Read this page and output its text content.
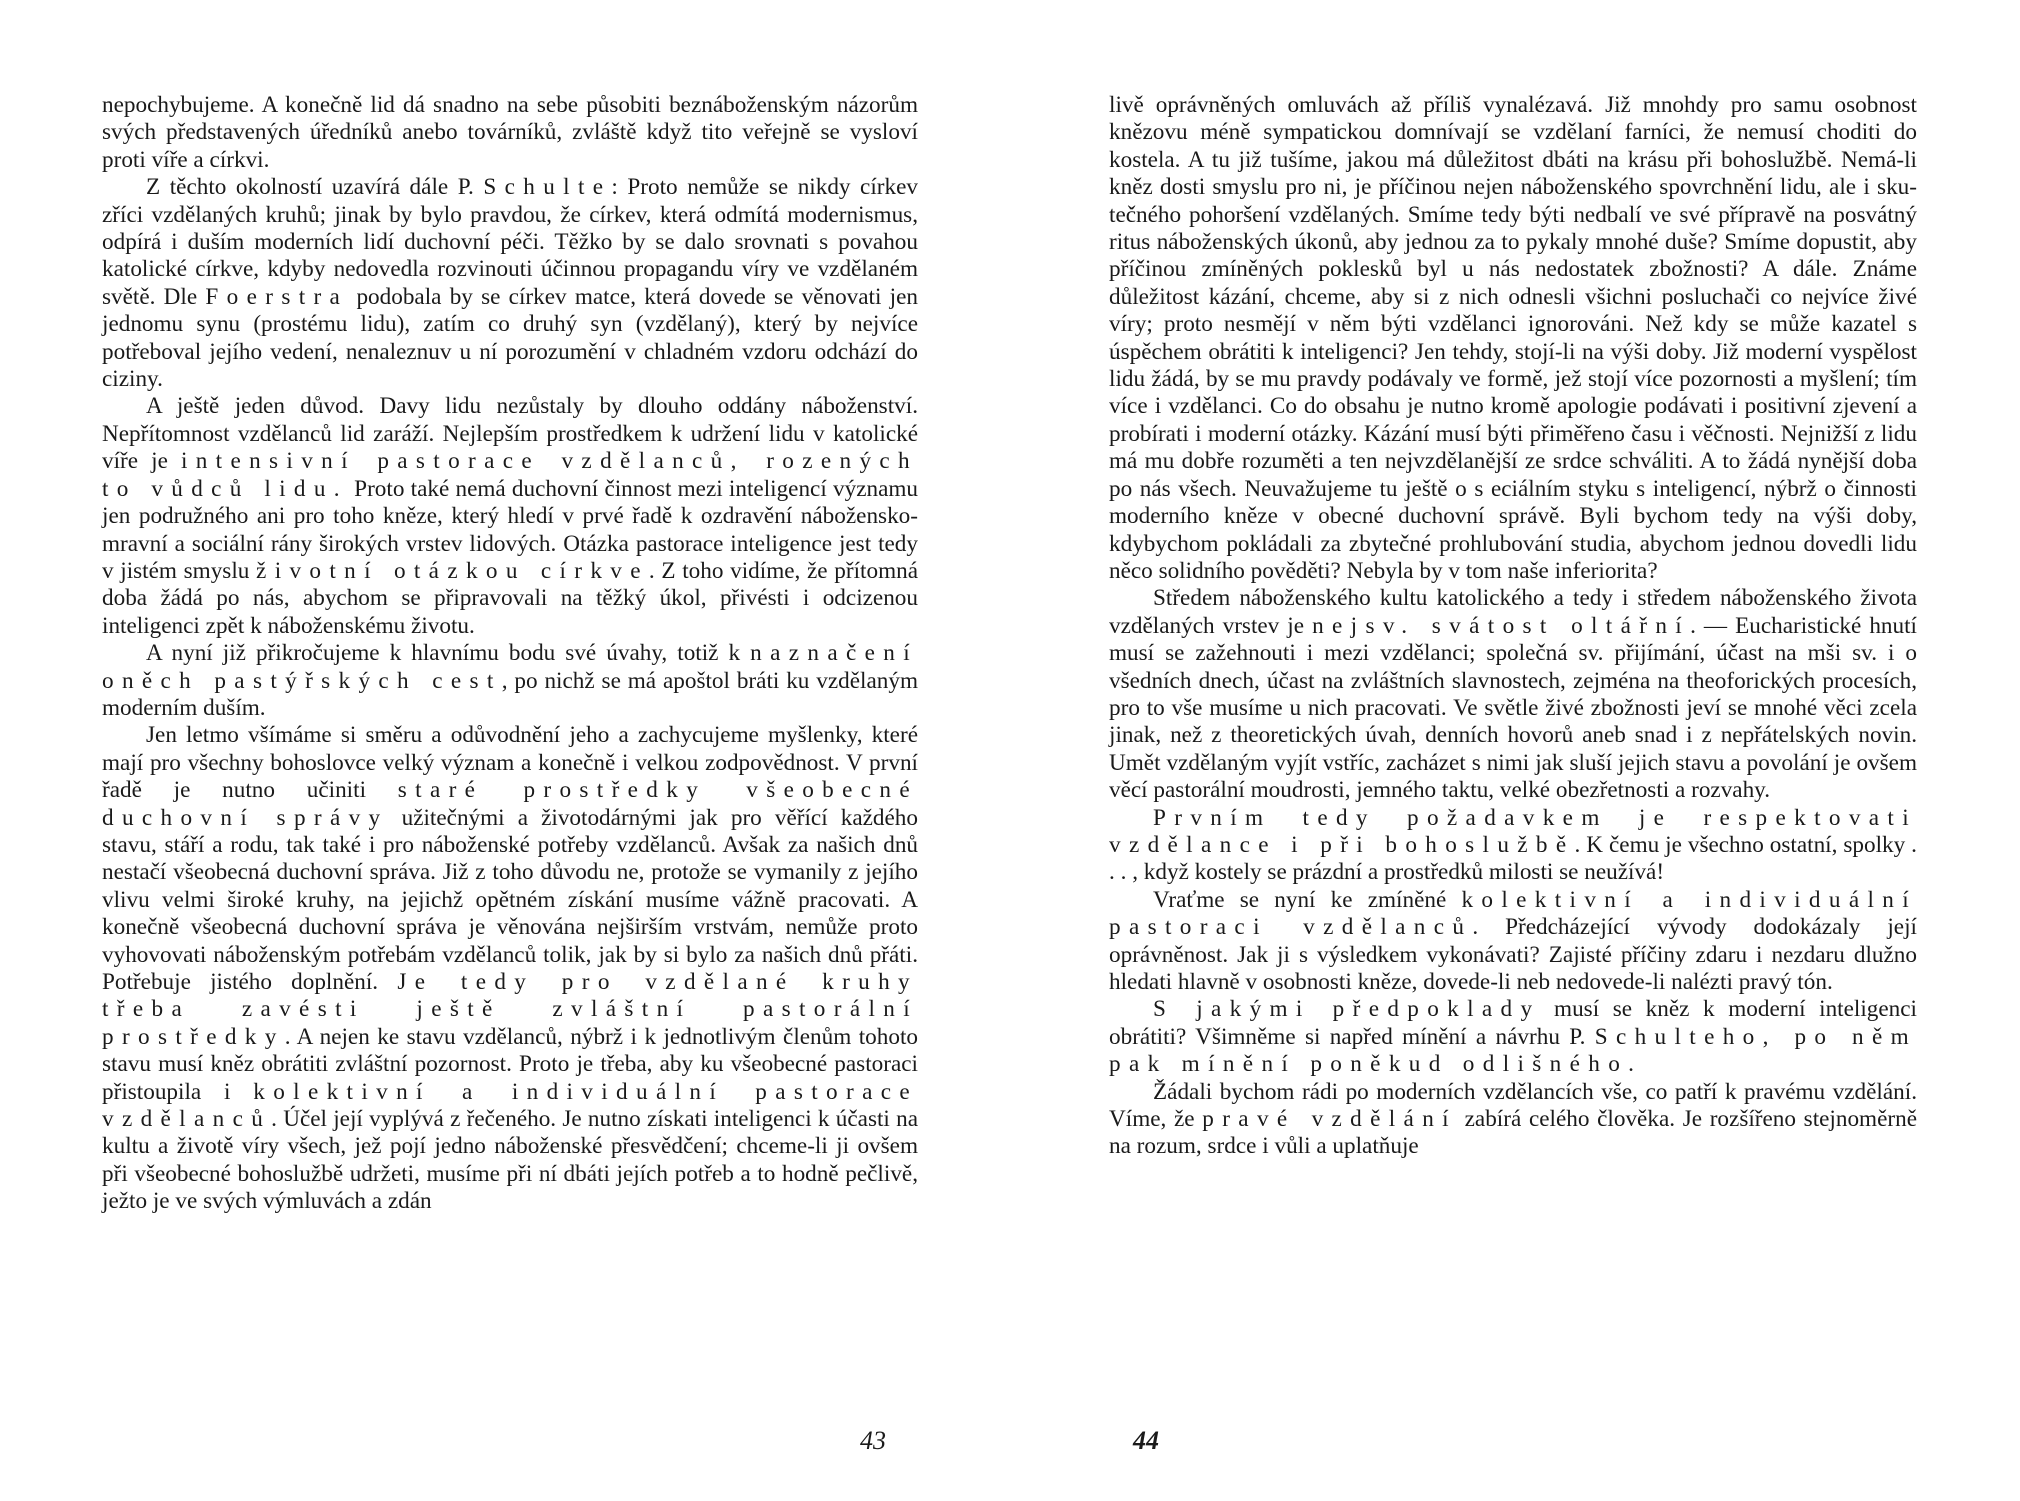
nepochybujeme. A konečně lid dá snadno na sebe působiti beznáboženským názorům svých představených úředníků anebo továrníků, zvláště když tito veřejně se vysloví proti víře a církvi.

Z těchto okolností uzavírá dále P. Schulte: Proto nemůže se nikdy církev zříci vzdělaných kruhů; jinak by bylo pravdou, že církev, která odmítá modernismus, odpírá i duším moderních lidí duchovní péči. Těžko by se dalo srovnati s povahou katolické církve, kdyby nedovedla rozvinouti účinnou propagandu víry ve vzdělaném světě. Dle Foerstra podobala by se církev matce, která dovede se věnovati jen jednomu synu (prostému lidu), zatím co druhý syn (vzdělaný), který by nejvíce potřeboval jejího vedení, nenaleznuv u ní porozumění v chladném vzdoru odchází do ciziny.

A ještě jeden důvod. Davy lidu nezůstaly by dlouho oddány náboženství. Nepřítomnost vzdělanců lid zaráží. Nejlepším prostředkem k udržení lidu v katolické víře je intensivní pastorace vzdělanců, rozených to vůdců lidu. Proto také nemá duchovní činnost mezi inteligencí významu jen podružného ani pro toho kněze, který hledí v prvé řadě k ozdravění náboženskomravní a sociální rány širokých vrstev lidových. Otázka pastorace inteligence jest tedy v jistém smyslu životní otázkou církve. Z toho vidíme, že přítomná doba žádá po nás, abychom se připravovali na těžký úkol, přivésti i odcizenou inteligenci zpět k náboženskému životu.

A nyní již přikročujeme k hlavnímu bodu své úvahy, totiž k naznačení oněch pastýřských cest, po nichž se má apoštol bráti ku vzdělaným moderním duším.

Jen letmo všímáme si směru a odůvodnění jeho a zachycujeme myšlenky, které mají pro všechny bohoslovce velký význam a konečně i velkou zodpovědnost. V první řadě je nutno učiniti staré prostředky všeobecné duchovní správy užitečnými a životodárnými jak pro věřící každého stavu, stáří a rodu, tak také i pro náboženské potřeby vzdělanců. Avšak za našich dnů nestačí všeobecná duchovní správa. Již z toho důvodu ne, protože se vymanily z jejího vlivu velmi široké kruhy, na jejichž opětném získání musíme vážně pracovati. A konečně všeobecná duchovní správa je věnována nejširším vrstvám, nemůže proto vyhovovati náboženským potřebám vzdělanců tolik, jak by si bylo za našich dnů přáti. Potřebuje jistého doplnění. Je tedy pro vzdělané kruhy třeba zavésti ještě zvláštní pastorální prostředky. A nejen ke stavu vzdělanců, nýbrž i k jednotlivým členům tohoto stavu musí kněz obrátiti zvláštní pozornost. Proto je třeba, aby ku všeobecné pastoraci přistoupila i kolektivní a individuální pastorace vzdělanců. Účel její vyplývá z řečeného. Je nutno získati inteligenci k účasti na kultu a životě víry všech, jež pojí jedno náboženské přesvědčení; chceme-li ji ovšem při všeobecné bohoslužbě udržeti, musíme při ní dbáti jejích potřeb a to hodně pečlivě, ježto je ve svých výmluvách a zdán

livě oprávněných omluvách až příliš vynalézavá. Již mnohdy pro samu osobnost knězovu méně sympatickou domnívají se vzdělaní farníci, že nemusí choditi do kostela. A tu již tušíme, jakou má důležitost dbáti na krásu při bohoslužbě. Nemá-li kněz dosti smyslu pro ni, je příčinou nejen náboženského spovrchnění lidu, ale i skutečného pohoršení vzdělaných. Smíme tedy býti nedbalí ve své přípravě na posvátný ritus náboženských úkonů, aby jednou za to pykaly mnohé duše? Smíme dopustit, aby příčinou zmíněných poklesků byl u nás nedostatek zbožnosti? A dále. Známe důležitost kázání, chceme, aby si z nich odnesli všichni posluchači co nejvíce živé víry; proto nesmějí v něm býti vzdělanci ignorováni. Než kdy se může kazatel s úspěchem obrátiti k inteligenci? Jen tehdy, stojí-li na výši doby. Již moderní vyspělost lidu žádá, by se mu pravdy podávaly ve formě, jež stojí více pozornosti a myšlení; tím více i vzdělanci. Co do obsahu je nutno kromě apologie podávati i positivní zjevení a probírati i moderní otázky. Kázání musí býti přiměřeno času i věčnosti. Nejnižší z lidu má mu dobře rozuměti a ten nejvzdělanější ze srdce schváliti. A to žádá nynější doba po nás všech. Neuvažujeme tu ještě o s eciálním styku s inteligencí, nýbrž o činnosti moderního kněze v obecné duchovní správě. Byli bychom tedy na výši doby, kdybychom pokládali za zbytečné prohlubování studia, abychom jednou dovedli lidu něco solidního pověděti? Nebyla by v tom naše inferiorita?

Středem náboženského kultu katolického a tedy i středem náboženského života vzdělaných vrstev je nejsv. svátost oltářní. — Eucharistické hnutí musí se zažehnouti i mezi vzdělanci; společná sv. přijímání, účast na mši sv. i o všedních dnech, účast na zvláštních slavnostech, zejména na theoforických procesích, pro to vše musíme u nich pracovati. Ve světle živé zbožnosti jeví se mnohé věci zcela jinak, než z theoretických úvah, denních hovorů aneb snad i z nepřátelských novin. Umět vzdělaným vyjít vstříc, zacházet s nimi jak sluší jejich stavu a povolání je ovšem věcí pastorální moudrosti, jemného taktu, velké obezřetnosti a rozvahy.

Prvním tedy požadavkem je respektovati vzdělance i při bohoslužbě. K čemu je všechno ostatní, spolky . . . , když kostely se prázdní a prostředků milosti se neužívá!

Vraťme se nyní ke zmíněné kolektivní a individuální pastoraci vzdělanců. Předcházející vývody dodokázaly její oprávněnost. Jak ji s výsledkem vykonávati? Zajisté příčiny zdaru i nezdaru dlužno hledati hlavně v osobnosti kněze, dovede-li neb nedovede-li nalézti pravý tón.

S jakými předpoklady musí se kněz k moderní inteligenci obrátiti? Všimněme si napřed mínění a návrhu P. Schulteho, po něm pak mínění poněkud odlišného.

Žádali bychom rádi po moderních vzdělancích vše, co patří k pravému vzdělání. Víme, že pravé vzdělání zabírá celého člověka. Je rozšířeno stejnoměrně na rozum, srdce i vůli a uplatňuje

43	44
